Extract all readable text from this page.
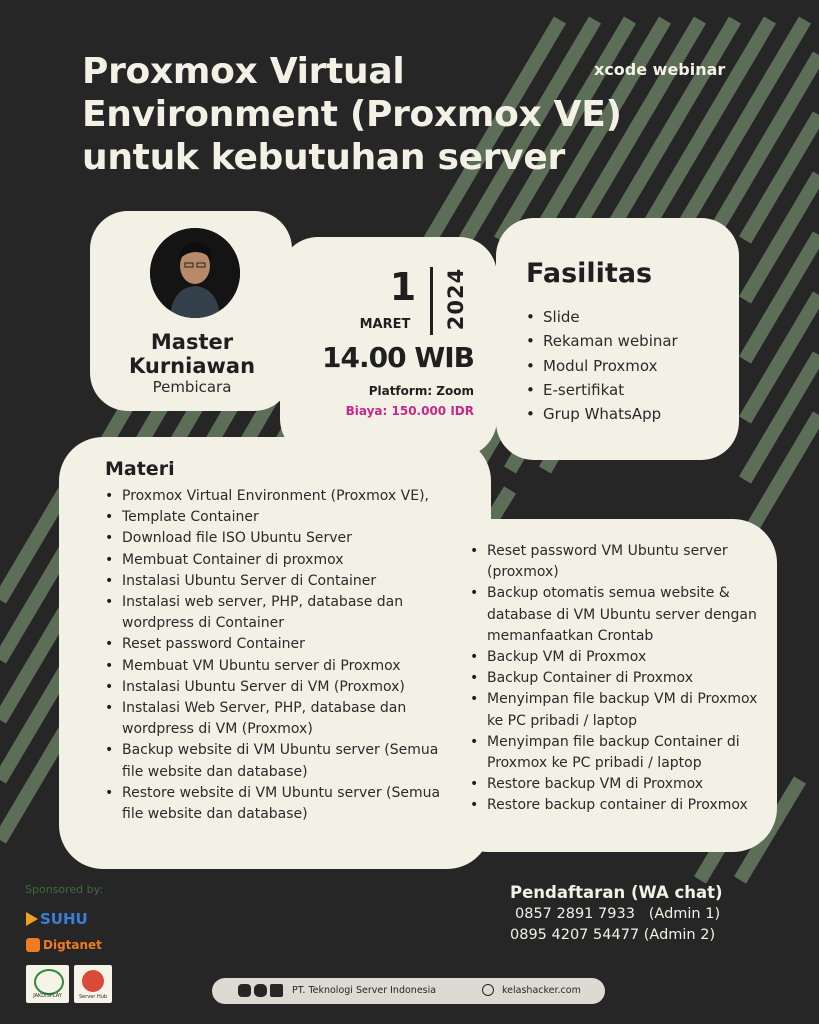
Proxmox Virtual
Environment (Proxmox VE)
untuk kebutuhan server
xcode webinar
Master
Kurniawan
Pembicara
1
MARET 2024
14.00 WIB
Platform: Zoom
Biaya: 150.000 IDR
Fasilitas
• Slide
• Rekaman webinar
• Modul Proxmox
• E-sertifikat
• Grup WhatsApp
Materi
• Proxmox Virtual Environment (Proxmox VE),
• Template Container
• Download file ISO Ubuntu Server
• Membuat Container di proxmox
• Instalasi Ubuntu Server di Container
• Instalasi web server, PHP, database dan wordpress di Container
• Reset password Container
• Membuat VM Ubuntu server di Proxmox
• Instalasi Ubuntu Server di VM (Proxmox)
• Instalasi Web Server, PHP, database dan wordpress di VM (Proxmox)
• Backup website di VM Ubuntu server (Semua file website dan database)
• Restore website di VM Ubuntu server (Semua file website dan database)
• Reset password VM Ubuntu server (proxmox)
• Backup otomatis semua website & database di VM Ubuntu server dengan memanfaatkan Crontab
• Backup VM di Proxmox
• Backup Container di Proxmox
• Menyimpan file backup VM di Proxmox ke PC pribadi / laptop
• Menyimpan file backup Container di Proxmox ke PC pribadi / laptop
• Restore backup VM di Proxmox
• Restore backup container di Proxmox
Sponsored by:
SUHU
Digtanet
JAKDISPLAY	Server Hub
Pendaftaran (WA chat)
0857 2891 7933   (Admin 1)
0895 4207 54477 (Admin 2)
PT. Teknologi Server Indonesia	kelashacker.com
